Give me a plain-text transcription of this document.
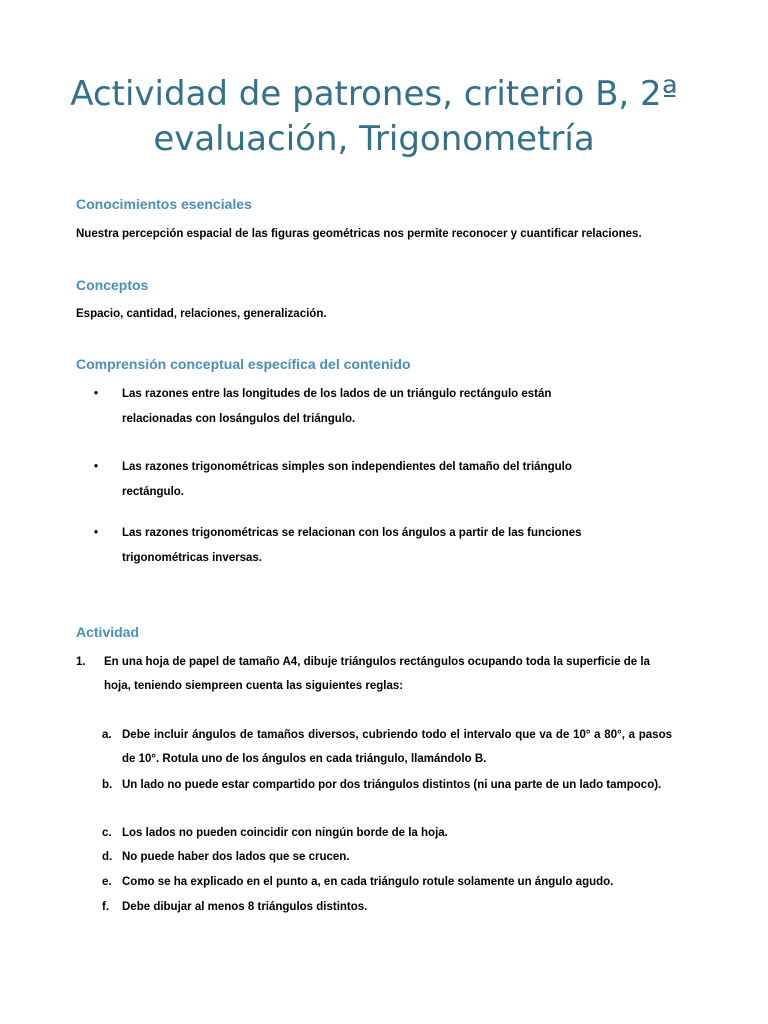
Actividad de patrones, criterio B, 2ª evaluación, Trigonometría
Conocimientos esenciales

Nuestra percepción espacial de las figuras geométricas nos permite reconocer y cuantificar relaciones.

Conceptos

Espacio, cantidad, relaciones, generalización.

Comprensión conceptual específica del contenido
• Las razones entre las longitudes de los lados de un triángulo rectángulo están relacionadas con losángulos del triángulo.
• Las razones trigonométricas simples son independientes del tamaño del triángulo rectángulo.
• Las razones trigonométricas se relacionan con los ángulos a partir de las funciones trigonométricas inversas.
Actividad
1. En una hoja de papel de tamaño A4, dibuje triángulos rectángulos ocupando toda la superficie de la hoja, teniendo siempreen cuenta las siguientes reglas:
a. Debe incluir ángulos de tamaños diversos, cubriendo todo el intervalo que va de 10° a 80°, a pasos de 10°. Rotula uno de los ángulos en cada triángulo, llamándolo B.
b. Un lado no puede estar compartido por dos triángulos distintos (ni una parte de un lado tampoco).
c. Los lados no pueden coincidir con ningún borde de la hoja.
d. No puede haber dos lados que se crucen.
e. Como se ha explicado en el punto a, en cada triángulo rotule solamente un ángulo agudo.
f. Debe dibujar al menos 8 triángulos distintos.
